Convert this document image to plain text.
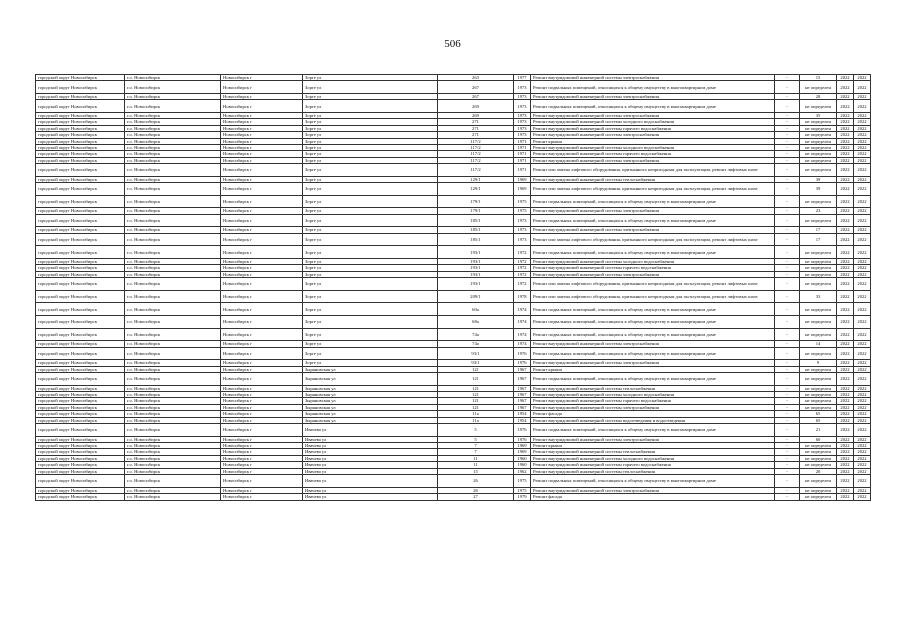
506
городской округ Новосибирск	г.о. Новосибирск	Новосибирск г	Зорге ул	263	1977	Ремонт внутридомовой инженерной системы электроснабжения	-	15	2022	2022
городской округ Новосибирск	г.о. Новосибирск	Новосибирск г	Зорге ул	267	1973	Ремонт подвальных помещений, относящихся к общему имуществу в многоквартирном доме	-	не определен	2022	2022
городской округ Новосибирск	г.о. Новосибирск	Новосибирск г	Зорге ул	267	1973	Ремонт внутридомовой инженерной системы электроснабжения	-	28	2022	2022
городской округ Новосибирск	г.о. Новосибирск	Новосибирск г	Зорге ул	269	1973	Ремонт подвальных помещений, относящихся к общему имуществу в многоквартирном доме	-	не определен	2022	2022
городской округ Новосибирск	г.о. Новосибирск	Новосибирск г	Зорге ул	269	1973	Ремонт внутридомовой инженерной системы электроснабжения	-	35	2022	2022
городской округ Новосибирск	г.о. Новосибирск	Новосибирск г	Зорге ул	271	1973	Ремонт внутридомовой инженерной системы холодного водоснабжения	-	не определен	2022	2022
городской округ Новосибирск	г.о. Новосибирск	Новосибирск г	Зорге ул	271	1973	Ремонт внутридомовой инженерной системы горячего водоснабжения	-	не определен	2022	2022
городской округ Новосибирск	г.о. Новосибирск	Новосибирск г	Зорге ул	271	1973	Ремонт внутридомовой инженерной системы электроснабжения	-	не определен	2022	2022
городской округ Новосибирск	г.о. Новосибирск	Новосибирск г	Зорге ул	117/2	1971	Ремонт крыши	-	не определен	2022	2022
городской округ Новосибирск	г.о. Новосибирск	Новосибирск г	Зорге ул	117/2	1971	Ремонт внутридомовой инженерной системы холодного водоснабжения	-	не определен	2022	2022
городской округ Новосибирск	г.о. Новосибирск	Новосибирск г	Зорге ул	117/2	1971	Ремонт внутридомовой инженерной системы горячего водоснабжения	-	не определен	2022	2022
городской округ Новосибирск	г.о. Новосибирск	Новосибирск г	Зорге ул	117/2	1971	Ремонт внутридомовой инженерной системы электроснабжения	-	не определен	2022	2022
городской округ Новосибирск	г.о. Новосибирск	Новосибирск г	Зорге ул	117/2	1971	Ремонт или замена лифтового оборудования, признанного непригодным для эксплуатации, ремонт лифтовых шахт	-	не определен	2022	2022
городской округ Новосибирск	г.о. Новосибирск	Новосибирск г	Зорге ул	129/1	1969	Ремонт внутридомовой инженерной системы теплоснабжения	-	39	2022	2022
городской округ Новосибирск	г.о. Новосибирск	Новосибирск г	Зорге ул	129/1	1969	Ремонт или замена лифтового оборудования, признанного непригодным для эксплуатации, ремонт лифтовых шахт	-	39	2022	2022
городской округ Новосибирск	г.о. Новосибирск	Новосибирск г	Зорге ул	179/1	1975	Ремонт подвальных помещений, относящихся к общему имуществу в многоквартирном доме	-	не определен	2022	2022
городской округ Новосибирск	г.о. Новосибирск	Новосибирск г	Зорге ул	179/1	1975	Ремонт внутридомовой инженерной системы электроснабжения	-	23	2022	2022
городской округ Новосибирск	г.о. Новосибирск	Новосибирск г	Зорге ул	185/1	1973	Ремонт подвальных помещений, относящихся к общему имуществу в многоквартирном доме	-	не определен	2022	2022
городской округ Новосибирск	г.о. Новосибирск	Новосибирск г	Зорге ул	185/1	1973	Ремонт внутридомовой инженерной системы электроснабжения	-	17	2022	2022
городской округ Новосибирск	г.о. Новосибирск	Новосибирск г	Зорге ул	185/1	1973	Ремонт или замена лифтового оборудования, признанного непригодным для эксплуатации, ремонт лифтовых шахт	-	17	2022	2022
городской округ Новосибирск	г.о. Новосибирск	Новосибирск г	Зорге ул	193/1	1972	Ремонт подвальных помещений, относящихся к общему имуществу в многоквартирном доме	-	не определен	2022	2022
городской округ Новосибирск	г.о. Новосибирск	Новосибирск г	Зорге ул	193/1	1972	Ремонт внутридомовой инженерной системы холодного водоснабжения	-	не определен	2022	2022
городской округ Новосибирск	г.о. Новосибирск	Новосибирск г	Зорге ул	193/1	1972	Ремонт внутридомовой инженерной системы горячего водоснабжения	-	не определен	2022	2022
городской округ Новосибирск	г.о. Новосибирск	Новосибирск г	Зорге ул	193/1	1972	Ремонт внутридомовой инженерной системы электроснабжения	-	не определен	2022	2022
городской округ Новосибирск	г.о. Новосибирск	Новосибирск г	Зорге ул	193/1	1972	Ремонт или замена лифтового оборудования, признанного непригодным для эксплуатации, ремонт лифтовых шахт	-	не определен	2022	2022
городской округ Новосибирск	г.о. Новосибирск	Новосибирск г	Зорге ул	209/1	1978	Ремонт или замена лифтового оборудования, признанного непригодным для эксплуатации, ремонт лифтовых шахт	-	33	2022	2022
городской округ Новосибирск	г.о. Новосибирск	Новосибирск г	Зорге ул	60а	1974	Ремонт подвальных помещений, относящихся к общему имуществу в многоквартирном доме	-	не определен	2022	2022
городской округ Новосибирск	г.о. Новосибирск	Новосибирск г	Зорге ул	68а	1974	Ремонт подвальных помещений, относящихся к общему имуществу в многоквартирном доме	-	не определен	2022	2022
городской округ Новосибирск	г.о. Новосибирск	Новосибирск г	Зорге ул	74а	1974	Ремонт подвальных помещений, относящихся к общему имуществу в многоквартирном доме	-	не определен	2022	2022
городской округ Новосибирск	г.о. Новосибирск	Новосибирск г	Зорге ул	74а	1974	Ремонт внутридомовой инженерной системы электроснабжения	-	14	2022	2022
городской округ Новосибирск	г.о. Новосибирск	Новосибирск г	Зорге ул	93/1	1976	Ремонт подвальных помещений, относящихся к общему имуществу в многоквартирном доме	-	не определен	2022	2022
городской округ Новосибирск	г.о. Новосибирск	Новосибирск г	Зорге ул	93/1	1976	Ремонт внутридомовой инженерной системы электроснабжения	-	9	2022	2022
городской округ Новосибирск	г.о. Новосибирск	Новосибирск г	Зыряновская ул	121	1967	Ремонт крыши	-	не определен	2022	2022
городской округ Новосибирск	г.о. Новосибирск	Новосибирск г	Зыряновская ул	121	1967	Ремонт подвальных помещений, относящихся к общему имуществу в многоквартирном доме	-	не определен	2022	2022
городской округ Новосибирск	г.о. Новосибирск	Новосибирск г	Зыряновская ул	121	1967	Ремонт внутридомовой инженерной системы теплоснабжения	-	не определен	2022	2022
городской округ Новосибирск	г.о. Новосибирск	Новосибирск г	Зыряновская ул	121	1967	Ремонт внутридомовой инженерной системы холодного водоснабжения	-	не определен	2022	2022
городской округ Новосибирск	г.о. Новосибирск	Новосибирск г	Зыряновская ул	121	1967	Ремонт внутридомовой инженерной системы горячего водоснабжения	-	не определен	2022	2022
городской округ Новосибирск	г.о. Новосибирск	Новосибирск г	Зыряновская ул	121	1967	Ремонт внутридомовой инженерной системы электроснабжения	-	не определен	2022	2022
городской округ Новосибирск	г.о. Новосибирск	Новосибирск г	Зыряновская ул	11а	1954	Ремонт фасада	-	65	2022	2022
городской округ Новосибирск	г.о. Новосибирск	Новосибирск г	Зыряновская ул	11а	1954	Ремонт внутридомовой инженерной системы водоотведения и водоотведения	-	65	2022	2022
городской округ Новосибирск	г.о. Новосибирск	Новосибирск г	Ивачева ул	5	1976	Ремонт подвальных помещений, относящихся к общему имуществу в многоквартирном доме	-	21	2022	2022
городской округ Новосибирск	г.о. Новосибирск	Новосибирск г	Ивачева ул	5	1976	Ремонт внутридомовой инженерной системы электроснабжения	-	60	2022	2022
городской округ Новосибирск	г.о. Новосибирск	Новосибирск г	Ивачева ул	7	1969	Ремонт крыши	-	не определен	2022	2022
городской округ Новосибирск	г.о. Новосибирск	Новосибирск г	Ивачева ул	7	1969	Ремонт внутридомовой инженерной системы теплоснабжения	-	не определен	2022	2022
городской округ Новосибирск	г.о. Новосибирск	Новосибирск г	Ивачева ул	11	1960	Ремонт внутридомовой инженерной системы холодного водоснабжения	-	не определен	2022	2022
городской округ Новосибирск	г.о. Новосибирск	Новосибирск г	Ивачева ул	11	1960	Ремонт внутридомовой инженерной системы горячего водоснабжения	-	не определен	2022	2022
городской округ Новосибирск	г.о. Новосибирск	Новосибирск г	Ивачева ул	15	1962	Ремонт внутридомовой инженерной системы теплоснабжения	-	20	2022	2022
городской округ Новосибирск	г.о. Новосибирск	Новосибирск г	Ивачева ул	26	1975	Ремонт подвальных помещений, относящихся к общему имуществу в многоквартирном доме	-	не определен	2022	2022
городской округ Новосибирск	г.о. Новосибирск	Новосибирск г	Ивачева ул	26	1975	Ремонт внутридомовой инженерной системы электроснабжения	-	не определен	2022	2022
городской округ Новосибирск	г.о. Новосибирск	Новосибирск г	Ивачева ул	27	1979	Ремонт фасада	-	не определен	2022	2022
